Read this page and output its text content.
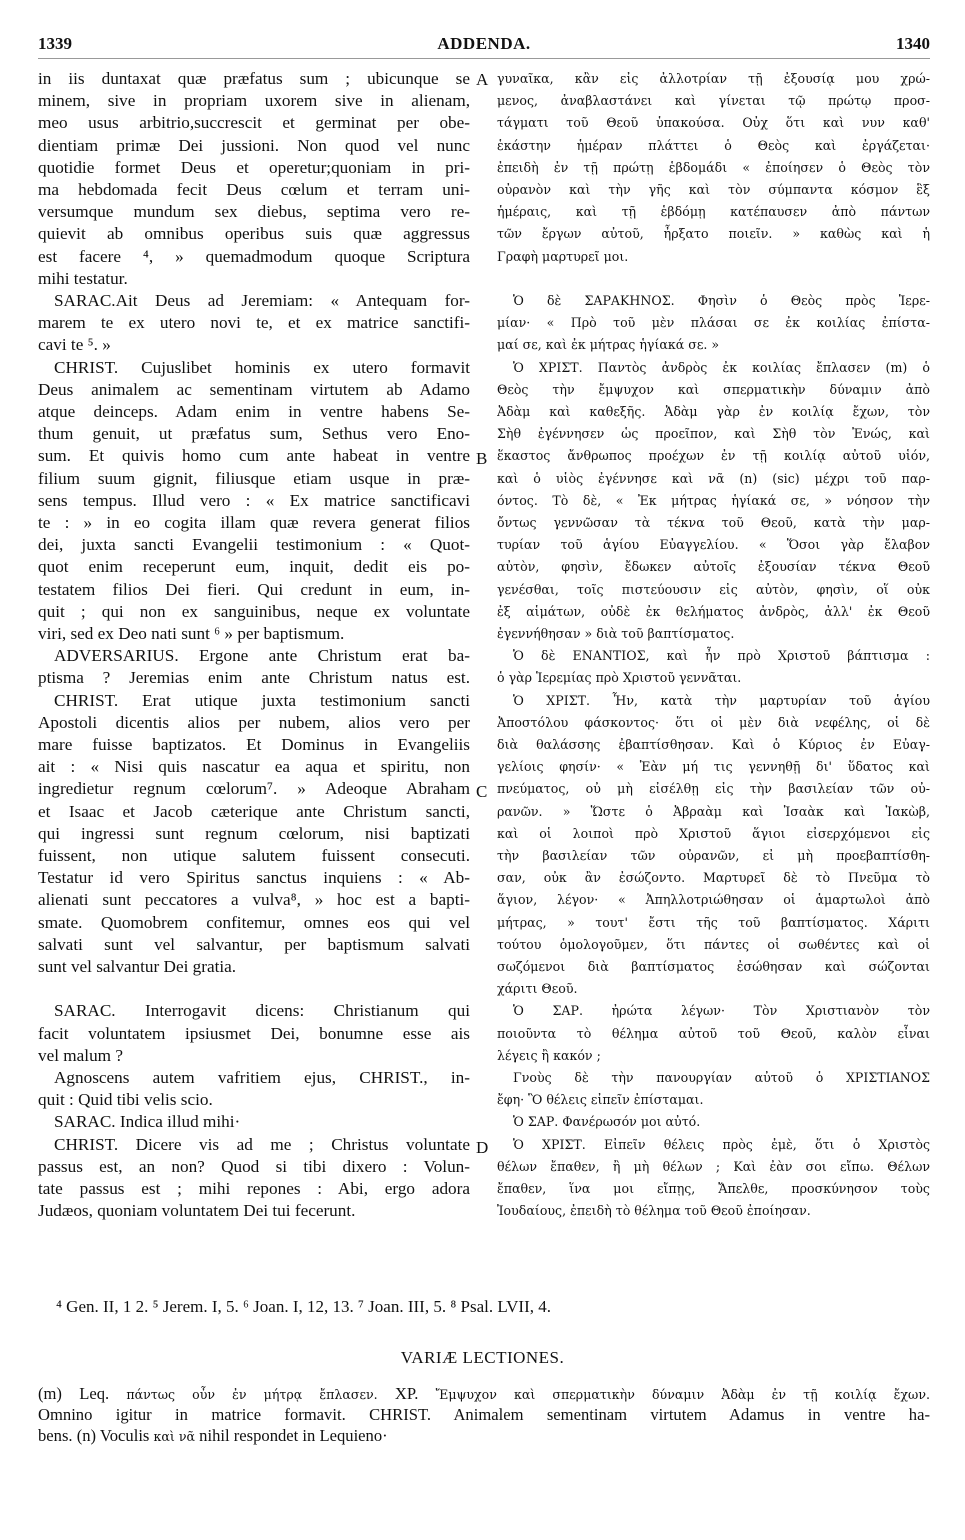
1339	ADDENDA.	1340
in iis duntaxat quæ præfatus sum ; ubicunque se
minem, sive in propriam uxorem sive in alienam,
meo usus arbitrio,succrescit et germinat per obe-
dientiam primæ Dei jussioni. Non quod vel nunc
quotidie formet Deus et operetur;quoniam in pri-
ma hebdomada fecit Deus cœlum et terram uni-
versumque mundum sex diebus, septima vero re-
quievit ab omnibus operibus suis quæ aggressus
est facere ⁴, » quemadmodum quoque Scriptura
mihi testatur.
SARAC.Ait Deus ad Jeremiam: « Antequam for-
marem te ex utero novi te, et ex matrice sanctifi-
cavi te ⁵. »
CHRIST. Cujuslibet hominis ex utero formavit
Deus animalem ac sementinam virtutem ab Adamo
atque deinceps. Adam enim in ventre habens Se-
thum genuit, ut præfatus sum, Sethus vero Eno-
sum. Et quivis homo cum ante habeat in ventre
filium suum gignit, filiusque etiam usque in præ-
sens tempus. Illud vero : « Ex matrice sanctificavi
te : » in eo cogita illam quæ revera generat filios
dei, juxta sancti Evangelii testimonium : « Quot-
quot enim receperunt eum, inquit, dedit eis po-
testatem filios Dei fieri. Qui credunt in eum, in-
quit ; qui non ex sanguinibus, neque ex voluntate
viri, sed ex Deo nati sunt ⁶ » per baptismum.
ADVERSARIUS. Ergone ante Christum erat ba-
ptisma ? Jeremias enim ante Christum natus est.
CHRIST. Erat utique juxta testimonium sancti
Apostoli dicentis alios per nubem, alios vero per
mare fuisse baptizatos. Et Dominus in Evangeliis
ait : « Nisi quis nascatur ea aqua et spiritu, non
ingredietur regnum cœlorum⁷. » Adeoque Abraham
et Isaac et Jacob cæterique ante Christum sancti,
qui ingressi sunt regnum cœlorum, nisi baptizati
fuissent, non utique salutem fuissent consecuti.
Testatur id vero Spiritus sanctus inquiens : « Ab-
alienati sunt peccatores a vulva⁸, » hoc est a bapti-
smate. Quomobrem confitemur, omnes eos qui vel
salvati sunt vel salvantur, per baptismum salvati
sunt vel salvantur Dei gratia.
SARAC. Interrogavit dicens: Christianum qui
facit voluntatem ipsiusmet Dei, bonumne esse ais
vel malum ?
Agnoscens autem vafritiem ejus, CHRIST., in-
quit : Quid tibi velis scio.
SARAC. Indica illud mihi·
CHRIST. Dicere vis ad me ; Christus voluntate
passus est, an non? Quod si tibi dixero : Volun-
tate passus est ; mihi repones : Abi, ergo adora
Judæos, quoniam voluntatem Dei tui fecerunt.
γυναῖκα, κἂν εἰς ἀλλοτρίαν τῇ ἐξουσίᾳ μου χρώ-
μενος, ἀναβλαστάνει καὶ γίνεται τῷ πρώτῳ προσ-
τάγματι τοῦ Θεοῦ ὑπακούσα. Οὐχ ὅτι καὶ νυν καθ'
ἑκάστην ἡμέραν πλάττει ὁ Θεὸς καὶ ἐργάζεται·
ἐπειδὴ ἐν τῇ πρώτῃ ἑβδομάδι « ἐποίησεν ὁ Θεὸς τὸν
οὐρανὸν καὶ τὴν γῆς καὶ τὸν σύμπαντα κόσμον ἓξ
ἡμέραις, καὶ τῇ ἑβδόμῃ κατέπαυσεν ἀπὸ πάντων
τῶν ἔργων αὐτοῦ, ἦρξατο ποιεῖν. » καθὼς καὶ ἡ
Γραφὴ μαρτυρεῖ μοι.
Ὁ δὲ ΣΑΡΑΚΗΝΟΣ. Φησὶν ὁ Θεὸς πρὸς Ἱερε-
μίαν· « Πρὸ τοῦ μὲν πλάσαι σε ἐκ κοιλίας ἐπίστα-
μαί σε, καὶ ἐκ μήτρας ἡγίακά σε. »
Ὁ ΧΡΙΣΤ. Παντὸς ἀνδρὸς ἐκ κοιλίας ἔπλασεν (m) ὁ
Θεὸς τὴν ἔμψυχον καὶ σπερματικὴν δύναμιν ἀπὸ
Ἀδὰμ καὶ καθεξῆς. Ἀδὰμ γὰρ ἐν κοιλίᾳ ἔχων, τὸν
Σὴθ ἐγέννησεν ὡς προεῖπον, καὶ Σὴθ τὸν Ἐνώς, καὶ
ἕκαστος ἄνθρωπος προέχων ἐν τῇ κοιλίᾳ αὐτοῦ υἱόν,
καὶ ὁ υἱὸς ἐγέννησε καὶ νᾶ (n) (sic) μέχρι τοῦ παρ-
όντος. Τὸ δὲ, « Ἐκ μήτρας ἡγίακά σε, » νόησον τὴν
ὄντως γεννῶσαν τὰ τέκνα τοῦ Θεοῦ, κατὰ τὴν μαρ-
τυρίαν τοῦ ἁγίου Εὐαγγελίου. « Ὅσοι γὰρ ἔλαβον
αὐτὸν, φησὶν, ἔδωκεν αὐτοῖς ἐξουσίαν τέκνα Θεοῦ
γενέσθαι, τοῖς πιστεύουσιν εἰς αὐτὸν, φησὶν, οἵ οὐκ
ἐξ αἱμάτων, οὐδὲ ἐκ θελήματος ἀνδρὸς, ἀλλ' ἐκ Θεοῦ
ἐγεννήθησαν » διὰ τοῦ βαπτίσματος.
Ὁ δὲ ΕΝΑΝΤΙΟΣ, καὶ ἦν πρὸ Χριστοῦ βάπτισμα :
ὁ γὰρ Ἱερεμίας πρὸ Χριστοῦ γεννᾶται.
Ὁ ΧΡΙΣΤ. Ἦν, κατὰ τὴν μαρτυρίαν τοῦ ἁγίου
Ἀποστόλου φάσκοντος· ὅτι οἱ μὲν διὰ νεφέλης, οἱ δὲ
διὰ θαλάσσης ἐβαπτίσθησαν. Καὶ ὁ Κύριος ἐν Εὐαγ-
γελίοις φησίν· « Ἐὰν μή τις γεννηθῇ δι' ὕδατος καὶ
πνεύματος, οὐ μὴ εἰσέλθῃ εἰς τὴν βασιλείαν τῶν οὐ-
ρανῶν. » Ὥστε ὁ Ἀβραὰμ καὶ Ἰσαὰκ καὶ Ἰακὼβ,
καὶ οἱ λοιποὶ πρὸ Χριστοῦ ἅγιοι εἰσερχόμενοι εἰς
τὴν βασιλείαν τῶν οὐρανῶν, εἰ μὴ προεβαπτίσθη-
σαν, οὐκ ἂν ἐσώζοντο. Μαρτυρεῖ δὲ τὸ Πνεῦμα τὸ
ἅγιον, λέγον· « Ἀπηλλοτριώθησαν οἱ ἁμαρτωλοὶ ἀπὸ
μήτρας, » τουτ' ἔστι τῆς τοῦ βαπτίσματος. Χάριτι
τούτου ὁμολογοῦμεν, ὅτι πάντες οἱ σωθέντες καὶ οἱ
σωζόμενοι διὰ βαπτίσματος ἐσώθησαν καὶ σώζονται
χάριτι Θεοῦ.
Ὁ ΣΑΡ. ἠρώτα λέγων· Τὸν Χριστιανὸν τὸν
ποιοῦντα τὸ θέλημα αὐτοῦ τοῦ Θεοῦ, καλὸν εἶναι
λέγεις ἢ κακόν ;
Γνοὺς δὲ τὴν πανουργίαν αὐτοῦ ὁ ΧΡΙΣΤΙΑΝΟΣ
ἔφη· Ὃ θέλεις εἰπεῖν ἐπίσταμαι.
Ὁ ΣΑΡ. Φανέρωσόν μοι αὐτό.
Ὁ ΧΡΙΣΤ. Εἰπεῖν θέλεις πρὸς ἐμὲ, ὅτι ὁ Χριστὸς
θέλων ἔπαθεν, ἢ μὴ θέλων ; Καὶ ἐὰν σοι εἴπω. Θέλων
ἔπαθεν, ἵνα μοι εἴπῃς, Ἄπελθε, προσκύνησον τοὺς
Ἰουδαίους, ἐπειδὴ τὸ θέλημα τοῦ Θεοῦ ἐποίησαν.
A
B
C
D
⁴ Gen. II, 1 2. ⁵ Jerem. I, 5. ⁶ Joan. I, 12, 13. ⁷ Joan. III, 5. ⁸ Psal. LVII, 4.
VARIÆ LECTIONES.
(m) Leq. πάντως οὖν ἐν μήτρᾳ ἔπλασεν. XP. Ἔμψυχον καὶ σπερματικὴν δύναμιν Ἀδὰμ ἐν τῇ κοιλίᾳ ἔχων.
Omnino igitur in matrice formavit. CHRIST. Animalem sementinam virtutem Adamus in ventre ha-
bens. (n) Voculis καὶ νᾶ nihil respondet in Lequieno·
